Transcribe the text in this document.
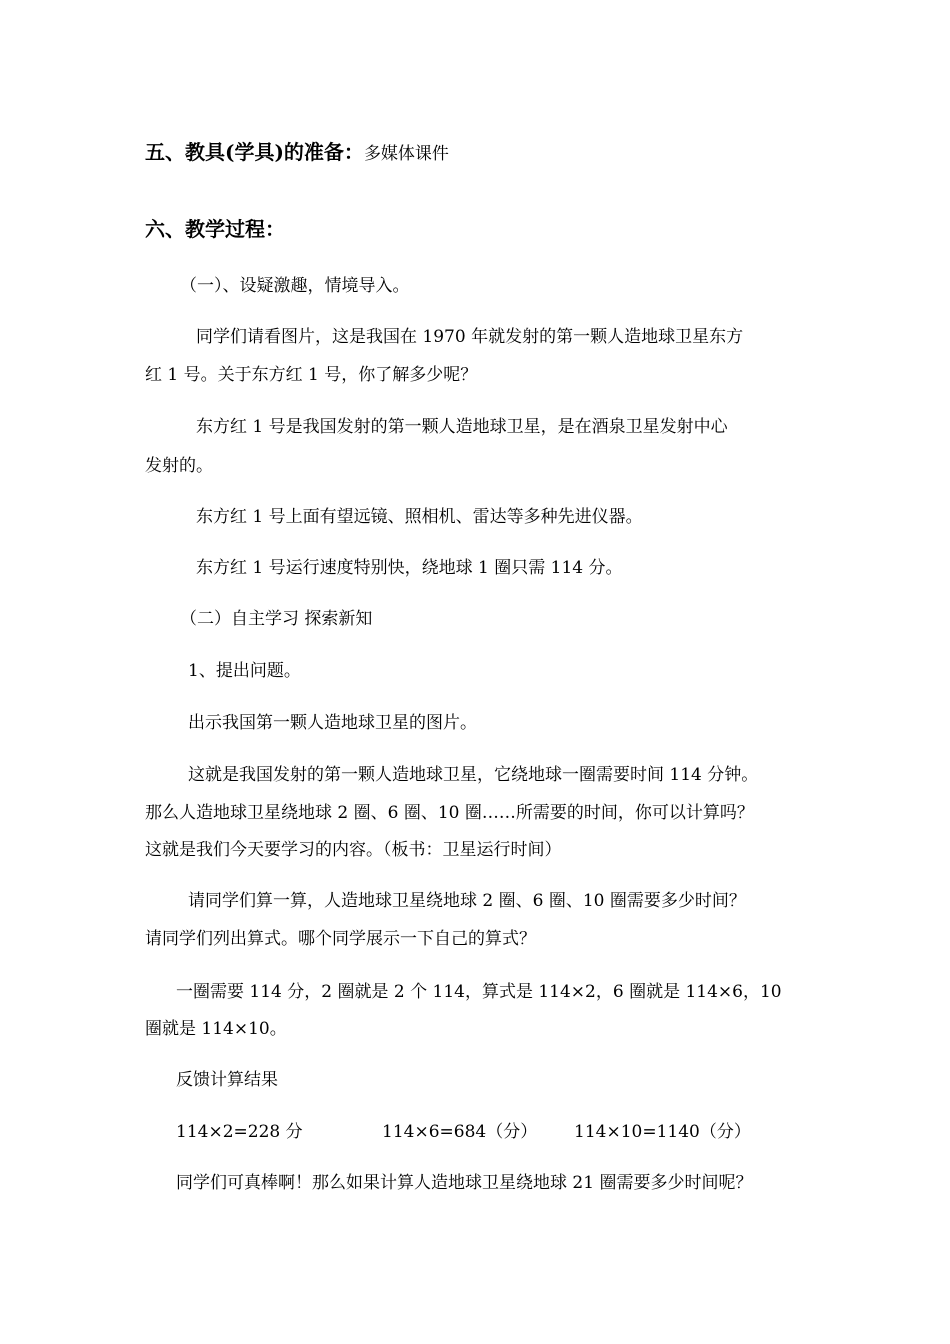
五、教具(学具)的准备：多媒体课件
六、教学过程：
（一）、设疑激趣，情境导入。
同学们请看图片，这是我国在 1970 年就发射的第一颗人造地球卫星东方
红 1 号。关于东方红 1 号，你了解多少呢？
东方红 1 号是我国发射的第一颗人造地球卫星，是在酒泉卫星发射中心
发射的。
东方红 1 号上面有望远镜、照相机、雷达等多种先进仪器。
东方红 1 号运行速度特别快，绕地球 1 圈只需 114 分。
（二）自主学习 探索新知
1、提出问题。
出示我国第一颗人造地球卫星的图片。
这就是我国发射的第一颗人造地球卫星，它绕地球一圈需要时间 114 分钟。
那么人造地球卫星绕地球 2 圈、6 圈、10 圈……所需要的时间，你可以计算吗？
这就是我们今天要学习的内容。（板书：卫星运行时间）
请同学们算一算，人造地球卫星绕地球 2 圈、6 圈、10 圈需要多少时间？
请同学们列出算式。哪个同学展示一下自己的算式？
一圈需要 114 分，2 圈就是 2 个 114，算式是 114×2，6 圈就是 114×6，10
圈就是 114×10。
反馈计算结果
114×2=228 分	114×6=684（分） 114×10=1140（分）
同学们可真棒啊！那么如果计算人造地球卫星绕地球 21 圈需要多少时间呢？
